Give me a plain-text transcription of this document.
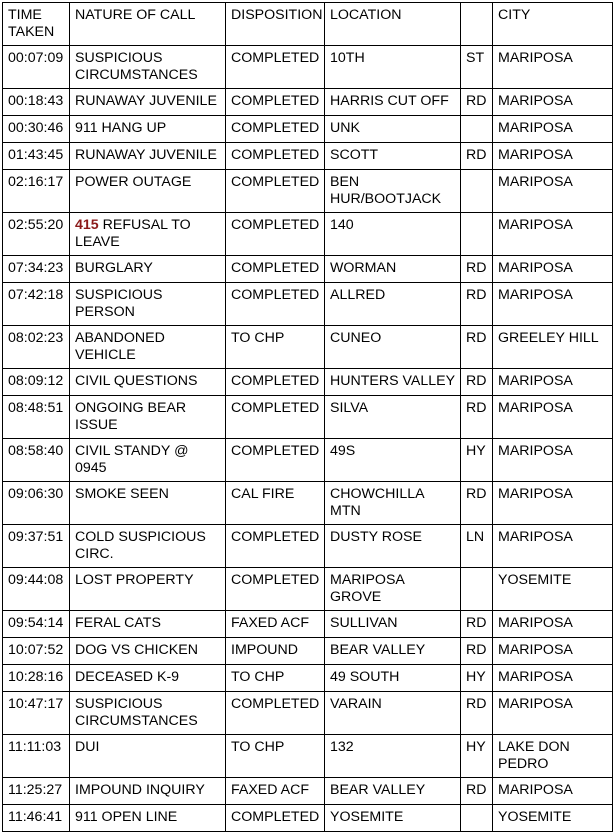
TIME TAKEN	NATURE OF CALL	DISPOSITION	LOCATION		CITY
00:07:09	SUSPICIOUS CIRCUMSTANCES	COMPLETED	10TH	ST	MARIPOSA
00:18:43	RUNAWAY JUVENILE	COMPLETED	HARRIS CUT OFF	RD	MARIPOSA
00:30:46	911 HANG UP	COMPLETED	UNK		MARIPOSA
01:43:45	RUNAWAY JUVENILE	COMPLETED	SCOTT	RD	MARIPOSA
02:16:17	POWER OUTAGE	COMPLETED	BEN HUR/BOOTJACK		MARIPOSA
02:55:20	415 REFUSAL TO LEAVE	COMPLETED	140		MARIPOSA
07:34:23	BURGLARY	COMPLETED	WORMAN	RD	MARIPOSA
07:42:18	SUSPICIOUS PERSON	COMPLETED	ALLRED	RD	MARIPOSA
08:02:23	ABANDONED VEHICLE	TO CHP	CUNEO	RD	GREELEY HILL
08:09:12	CIVIL QUESTIONS	COMPLETED	HUNTERS VALLEY	RD	MARIPOSA
08:48:51	ONGOING BEAR ISSUE	COMPLETED	SILVA	RD	MARIPOSA
08:58:40	CIVIL STANDY @ 0945	COMPLETED	49S	HY	MARIPOSA
09:06:30	SMOKE SEEN	CAL FIRE	CHOWCHILLA MTN	RD	MARIPOSA
09:37:51	COLD SUSPICIOUS CIRC.	COMPLETED	DUSTY ROSE	LN	MARIPOSA
09:44:08	LOST PROPERTY	COMPLETED	MARIPOSA GROVE		YOSEMITE
09:54:14	FERAL CATS	FAXED ACF	SULLIVAN	RD	MARIPOSA
10:07:52	DOG VS CHICKEN	IMPOUND	BEAR VALLEY	RD	MARIPOSA
10:28:16	DECEASED K-9	TO CHP	49 SOUTH	HY	MARIPOSA
10:47:17	SUSPICIOUS CIRCUMSTANCES	COMPLETED	VARAIN	RD	MARIPOSA
11:11:03	DUI	TO CHP	132	HY	LAKE DON PEDRO
11:25:27	IMPOUND INQUIRY	FAXED ACF	BEAR VALLEY	RD	MARIPOSA
11:46:41	911 OPEN LINE	COMPLETED	YOSEMITE		YOSEMITE
